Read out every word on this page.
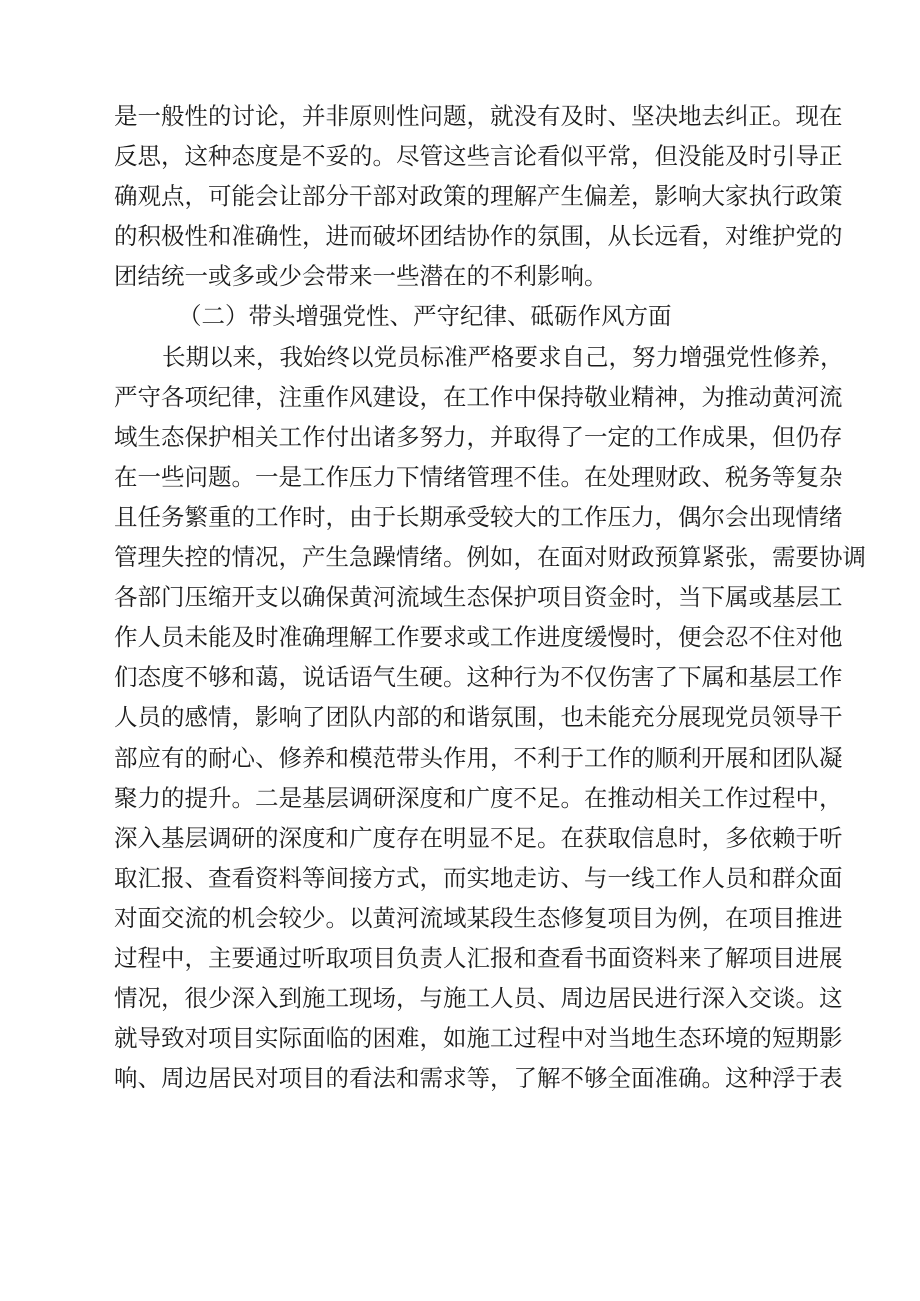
是一般性的讨论，并非原则性问题，就没有及时、坚决地去纠正。现在
反思，这种态度是不妥的。尽管这些言论看似平常，但没能及时引导正
确观点，可能会让部分干部对政策的理解产生偏差，影响大家执行政策
的积极性和准确性，进而破坏团结协作的氛围，从长远看，对维护党的
团结统一或多或少会带来一些潜在的不利影响。
（二）带头增强党性、严守纪律、砥砺作风方面
长期以来，我始终以党员标准严格要求自己，努力增强党性修养，
严守各项纪律，注重作风建设，在工作中保持敬业精神，为推动黄河流
域生态保护相关工作付出诸多努力，并取得了一定的工作成果，但仍存
在一些问题。一是工作压力下情绪管理不佳。在处理财政、税务等复杂
且任务繁重的工作时，由于长期承受较大的工作压力，偶尔会出现情绪
管理失控的情况，产生急躁情绪。例如，在面对财政预算紧张，需要协调
各部门压缩开支以确保黄河流域生态保护项目资金时，当下属或基层工
作人员未能及时准确理解工作要求或工作进度缓慢时，便会忍不住对他
们态度不够和蔼，说话语气生硬。这种行为不仅伤害了下属和基层工作
人员的感情，影响了团队内部的和谐氛围，也未能充分展现党员领导干
部应有的耐心、修养和模范带头作用，不利于工作的顺利开展和团队凝
聚力的提升。二是基层调研深度和广度不足。在推动相关工作过程中，
深入基层调研的深度和广度存在明显不足。在获取信息时，多依赖于听
取汇报、查看资料等间接方式，而实地走访、与一线工作人员和群众面
对面交流的机会较少。以黄河流域某段生态修复项目为例，在项目推进
过程中，主要通过听取项目负责人汇报和查看书面资料来了解项目进展
情况，很少深入到施工现场，与施工人员、周边居民进行深入交谈。这
就导致对项目实际面临的困难，如施工过程中对当地生态环境的短期影
响、周边居民对项目的看法和需求等，了解不够全面准确。这种浮于表
